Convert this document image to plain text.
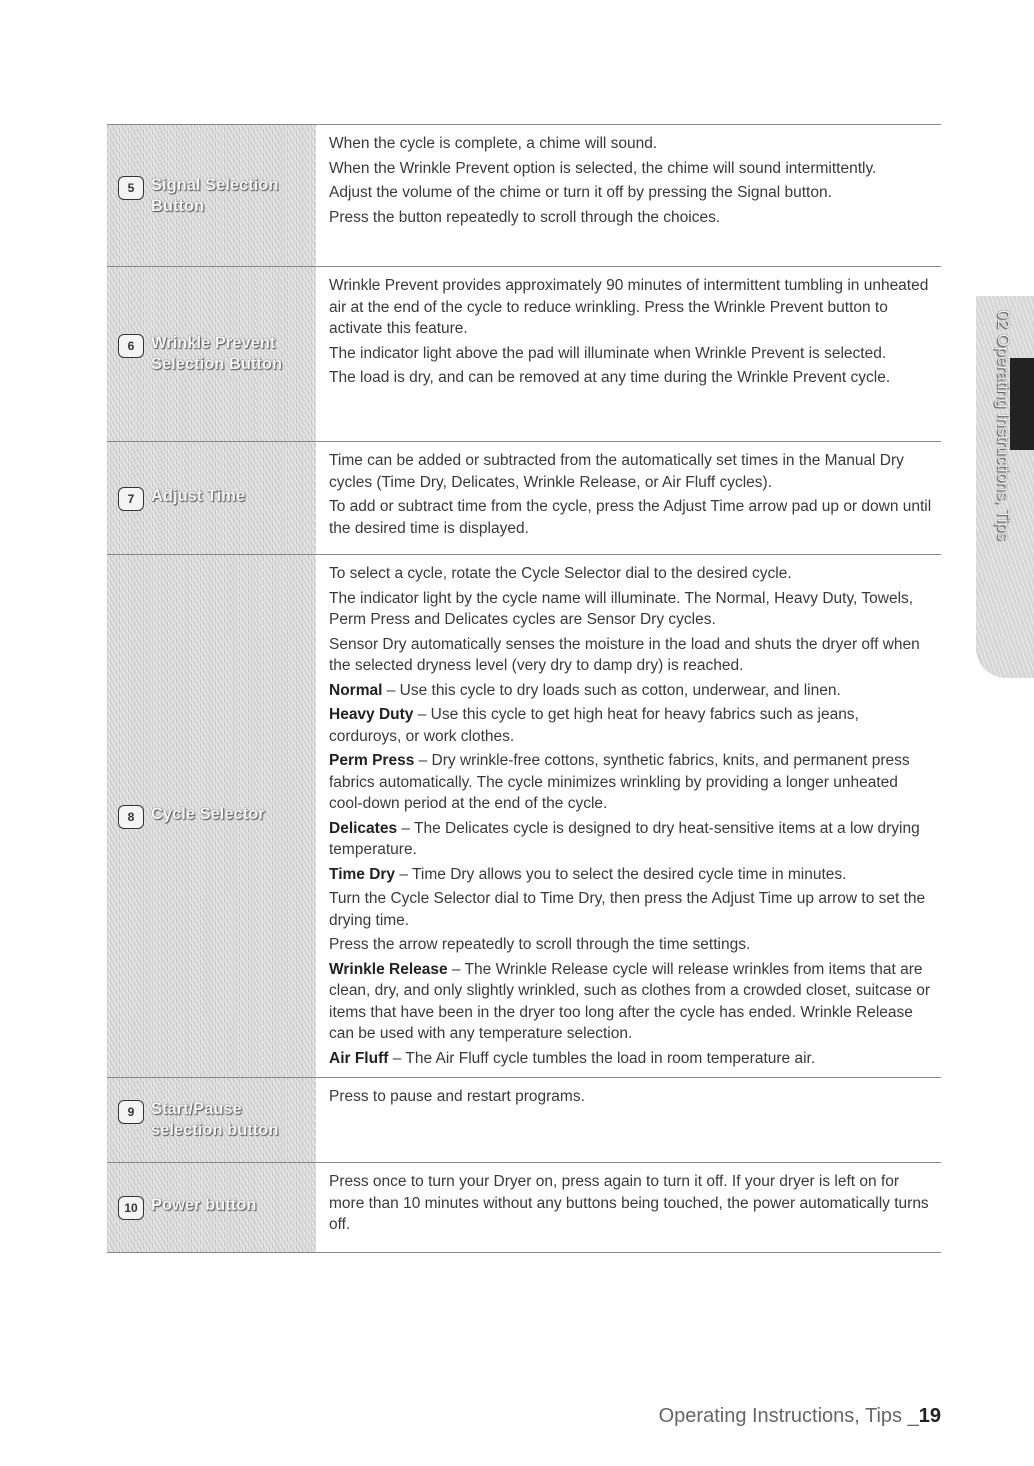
5	Signal Selection
Button

When the cycle is complete, a chime will sound.

When the Wrinkle Prevent option is selected, the chime will sound intermittently.

Adjust the volume of the chime or turn it off by pressing the Signal button.

Press the button repeatedly to scroll through the choices.

6	Wrinkle Prevent
Selection Button

Wrinkle Prevent provides approximately 90 minutes of intermittent tumbling in unheated air at the end of the cycle to reduce wrinkling. Press the Wrinkle Prevent button to activate this feature.

The indicator light above the pad will illuminate when Wrinkle Prevent is selected.

The load is dry, and can be removed at any time during the Wrinkle Prevent cycle.

7	Adjust Time

Time can be added or subtracted from the automatically set times in the Manual Dry cycles (Time Dry, Delicates, Wrinkle Release, or Air Fluff cycles).

To add or subtract time from the cycle, press the Adjust Time arrow pad up or down until the desired time is displayed.

8	Cycle Selector

To select a cycle, rotate the Cycle Selector dial to the desired cycle.

The indicator light by the cycle name will illuminate. The Normal, Heavy Duty, Towels, Perm Press and Delicates cycles are Sensor Dry cycles.

Sensor Dry automatically senses the moisture in the load and shuts the dryer off when the selected dryness level (very dry to damp dry) is reached.

Normal – Use this cycle to dry loads such as cotton, underwear, and linen.

Heavy Duty – Use this cycle to get high heat for heavy fabrics such as jeans, corduroys, or work clothes.

Perm Press – Dry wrinkle-free cottons, synthetic fabrics, knits, and permanent press fabrics automatically. The cycle minimizes wrinkling by providing a longer unheated cool-down period at the end of the cycle.

Delicates – The Delicates cycle is designed to dry heat-sensitive items at a low drying temperature.

Time Dry – Time Dry allows you to select the desired cycle time in minutes.

Turn the Cycle Selector dial to Time Dry, then press the Adjust Time up arrow to set the drying time.

Press the arrow repeatedly to scroll through the time settings.

Wrinkle Release – The Wrinkle Release cycle will release wrinkles from items that are clean, dry, and only slightly wrinkled, such as clothes from a crowded closet, suitcase or items that have been in the dryer too long after the cycle has ended. Wrinkle Release can be used with any temperature selection.

Air Fluff – The Air Fluff cycle tumbles the load in room temperature air.

9	Start/Pause
selection button

Press to pause and restart programs.

10 Power button

Press once to turn your Dryer on, press again to turn it off. If your dryer is left on for more than 10 minutes without any buttons being touched, the power automatically turns off.

02 Operating Instructions, Tips
Operating Instructions, Tips _19
